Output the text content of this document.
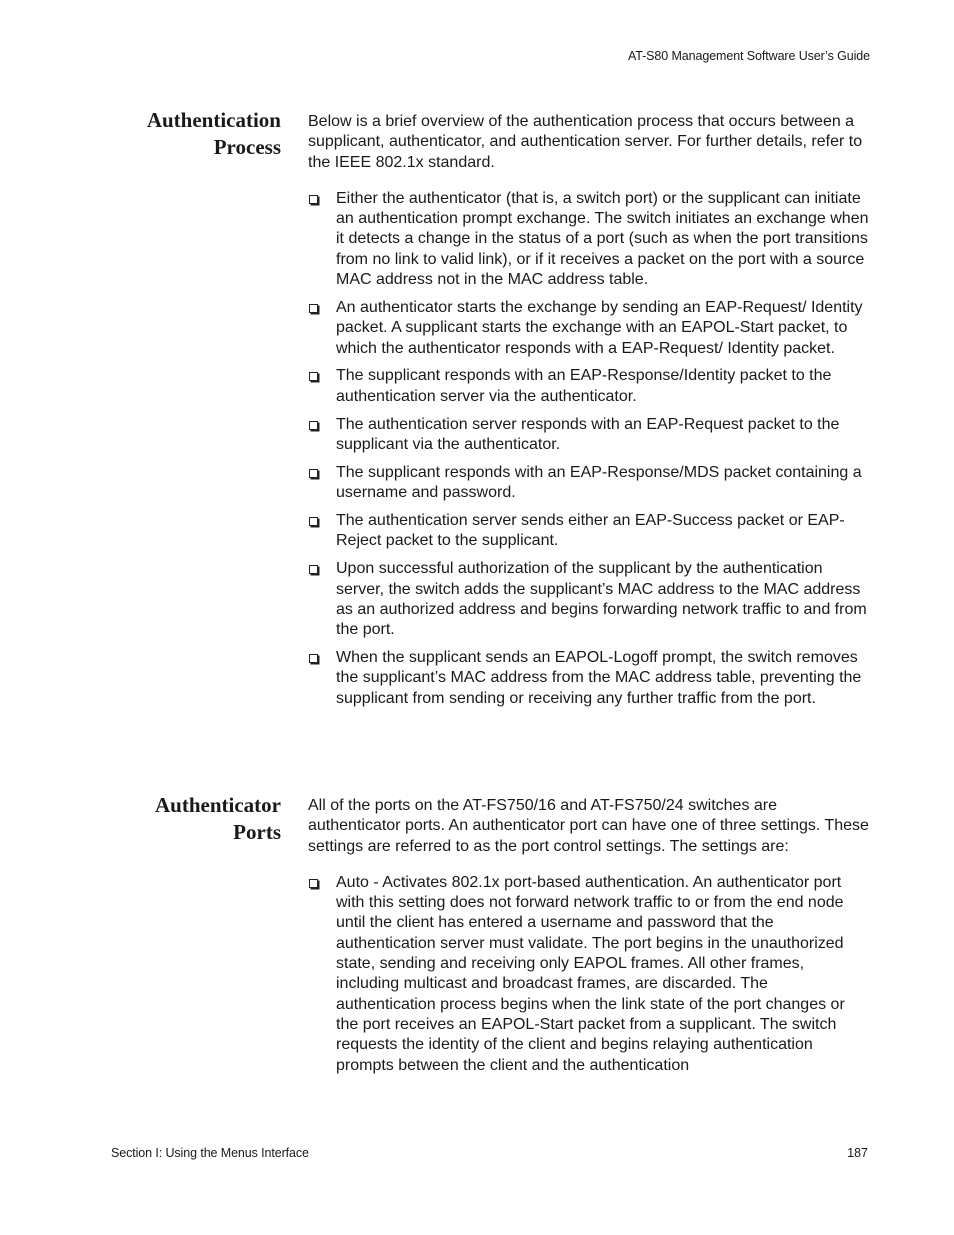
AT-S80 Management Software User’s Guide
Authentication
Process

Below is a brief overview of the authentication process that occurs between a supplicant, authenticator, and authentication server. For further details, refer to the IEEE 802.1x standard.

Either the authenticator (that is, a switch port) or the supplicant can initiate an authentication prompt exchange. The switch initiates an exchange when it detects a change in the status of a port (such as when the port transitions from no link to valid link), or if it receives a packet on the port with a source MAC address not in the MAC address table.
An authenticator starts the exchange by sending an EAP-Request/ Identity packet. A supplicant starts the exchange with an EAPOL-Start packet, to which the authenticator responds with a EAP-Request/ Identity packet.
The supplicant responds with an EAP-Response/Identity packet to the authentication server via the authenticator.
The authentication server responds with an EAP-Request packet to the supplicant via the authenticator.
The supplicant responds with an EAP-Response/MDS packet containing a username and password.
The authentication server sends either an EAP-Success packet or EAP-Reject packet to the supplicant.
Upon successful authorization of the supplicant by the authentication server, the switch adds the supplicant’s MAC address to the MAC address as an authorized address and begins forwarding network traffic to and from the port.
When the supplicant sends an EAPOL-Logoff prompt, the switch removes the supplicant’s MAC address from the MAC address table, preventing the supplicant from sending or receiving any further traffic from the port.
Authenticator
Ports

All of the ports on the AT-FS750/16 and AT-FS750/24 switches are authenticator ports. An authenticator port can have one of three settings. These settings are referred to as the port control settings. The settings are:

Auto - Activates 802.1x port-based authentication. An authenticator port with this setting does not forward network traffic to or from the end node until the client has entered a username and password that the authentication server must validate. The port begins in the unauthorized state, sending and receiving only EAPOL frames. All other frames, including multicast and broadcast frames, are discarded. The authentication process begins when the link state of the port changes or the port receives an EAPOL-Start packet from a supplicant. The switch requests the identity of the client and begins relaying authentication prompts between the client and the authentication
Section I: Using the Menus Interface	187
